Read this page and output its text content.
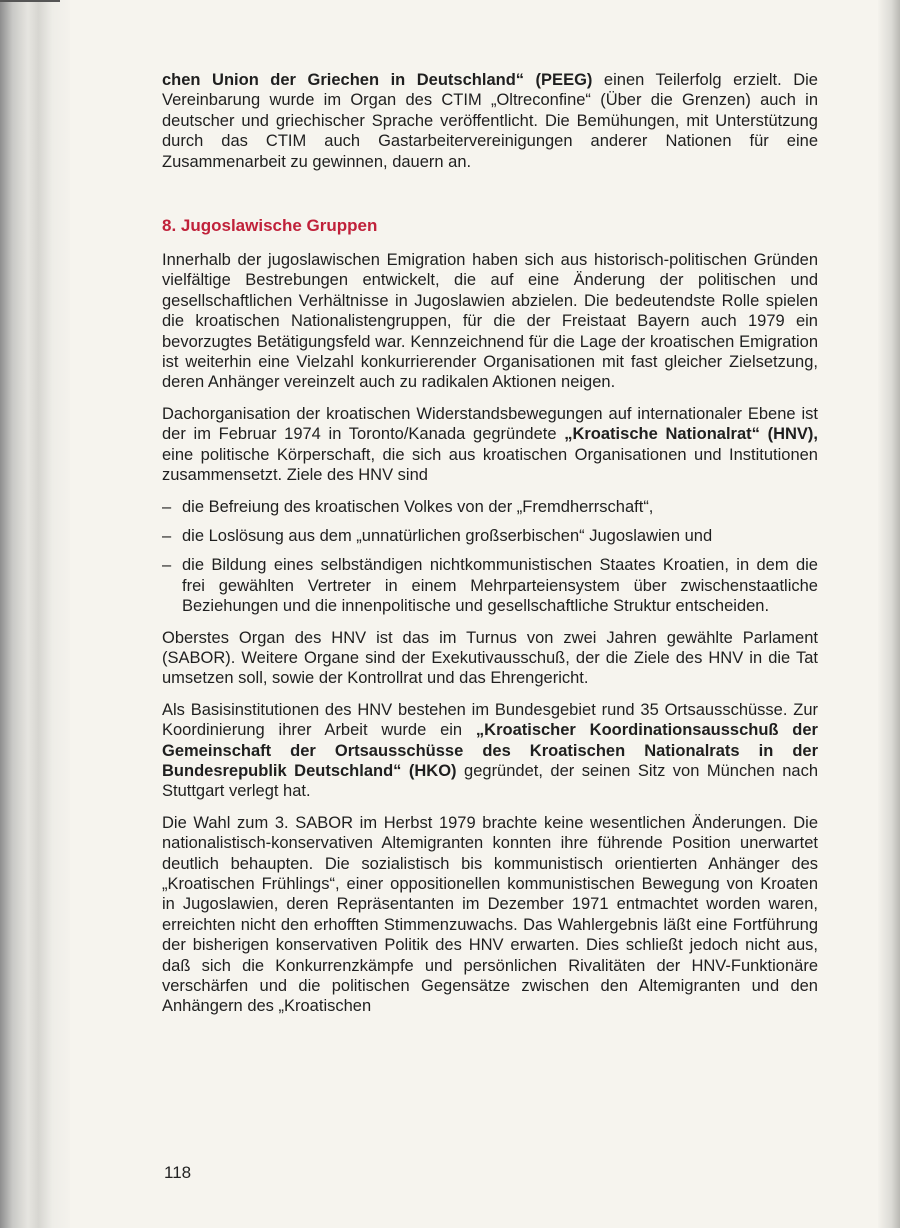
chen Union der Griechen in Deutschland“ (PEEG) einen Teilerfolg erzielt. Die Vereinbarung wurde im Organ des CTIM „Oltreconfine“ (Über die Grenzen) auch in deutscher und griechischer Sprache veröffentlicht. Die Bemühungen, mit Unterstützung durch das CTIM auch Gastarbeitervereinigungen anderer Nationen für eine Zusammenarbeit zu gewinnen, dauern an.

8. Jugoslawische Gruppen

Innerhalb der jugoslawischen Emigration haben sich aus historisch-politischen Gründen vielfältige Bestrebungen entwickelt, die auf eine Änderung der politischen und gesellschaftlichen Verhältnisse in Jugoslawien abzielen. Die bedeutendste Rolle spielen die kroatischen Nationalistengruppen, für die der Freistaat Bayern auch 1979 ein bevorzugtes Betätigungsfeld war. Kennzeichnend für die Lage der kroatischen Emigration ist weiterhin eine Vielzahl konkurrierender Organisationen mit fast gleicher Zielsetzung, deren Anhänger vereinzelt auch zu radikalen Aktionen neigen.

Dachorganisation der kroatischen Widerstandsbewegungen auf internationaler Ebene ist der im Februar 1974 in Toronto/Kanada gegründete „Kroatische Nationalrat“ (HNV), eine politische Körperschaft, die sich aus kroatischen Organisationen und Institutionen zusammensetzt. Ziele des HNV sind

– die Befreiung des kroatischen Volkes von der „Fremdherrschaft“,
– die Loslösung aus dem „unnatürlichen großserbischen“ Jugoslawien und
– die Bildung eines selbständigen nichtkommunistischen Staates Kroatien, in dem die frei gewählten Vertreter in einem Mehrparteiensystem über zwischenstaatliche Beziehungen und die innenpolitische und gesellschaftliche Struktur entscheiden.

Oberstes Organ des HNV ist das im Turnus von zwei Jahren gewählte Parlament (SABOR). Weitere Organe sind der Exekutivausschuß, der die Ziele des HNV in die Tat umsetzen soll, sowie der Kontrollrat und das Ehrengericht.

Als Basisinstitutionen des HNV bestehen im Bundesgebiet rund 35 Ortsausschüsse. Zur Koordinierung ihrer Arbeit wurde ein „Kroatischer Koordinationsausschuß der Gemeinschaft der Ortsausschüsse des Kroatischen Nationalrats in der Bundesrepublik Deutschland“ (HKO) gegründet, der seinen Sitz von München nach Stuttgart verlegt hat.

Die Wahl zum 3. SABOR im Herbst 1979 brachte keine wesentlichen Änderungen. Die nationalistisch-konservativen Altemigranten konnten ihre führende Position unerwartet deutlich behaupten. Die sozialistisch bis kommunistisch orientierten Anhänger des „Kroatischen Frühlings“, einer oppositionellen kommunistischen Bewegung von Kroaten in Jugoslawien, deren Repräsentanten im Dezember 1971 entmachtet worden waren, erreichten nicht den erhofften Stimmenzuwachs. Das Wahlergebnis läßt eine Fortführung der bisherigen konservativen Politik des HNV erwarten. Dies schließt jedoch nicht aus, daß sich die Konkurrenzkämpfe und persönlichen Rivalitäten der HNV-Funktionäre verschärfen und die politischen Gegensätze zwischen den Altemigranten und den Anhängern des „Kroatischen

118
